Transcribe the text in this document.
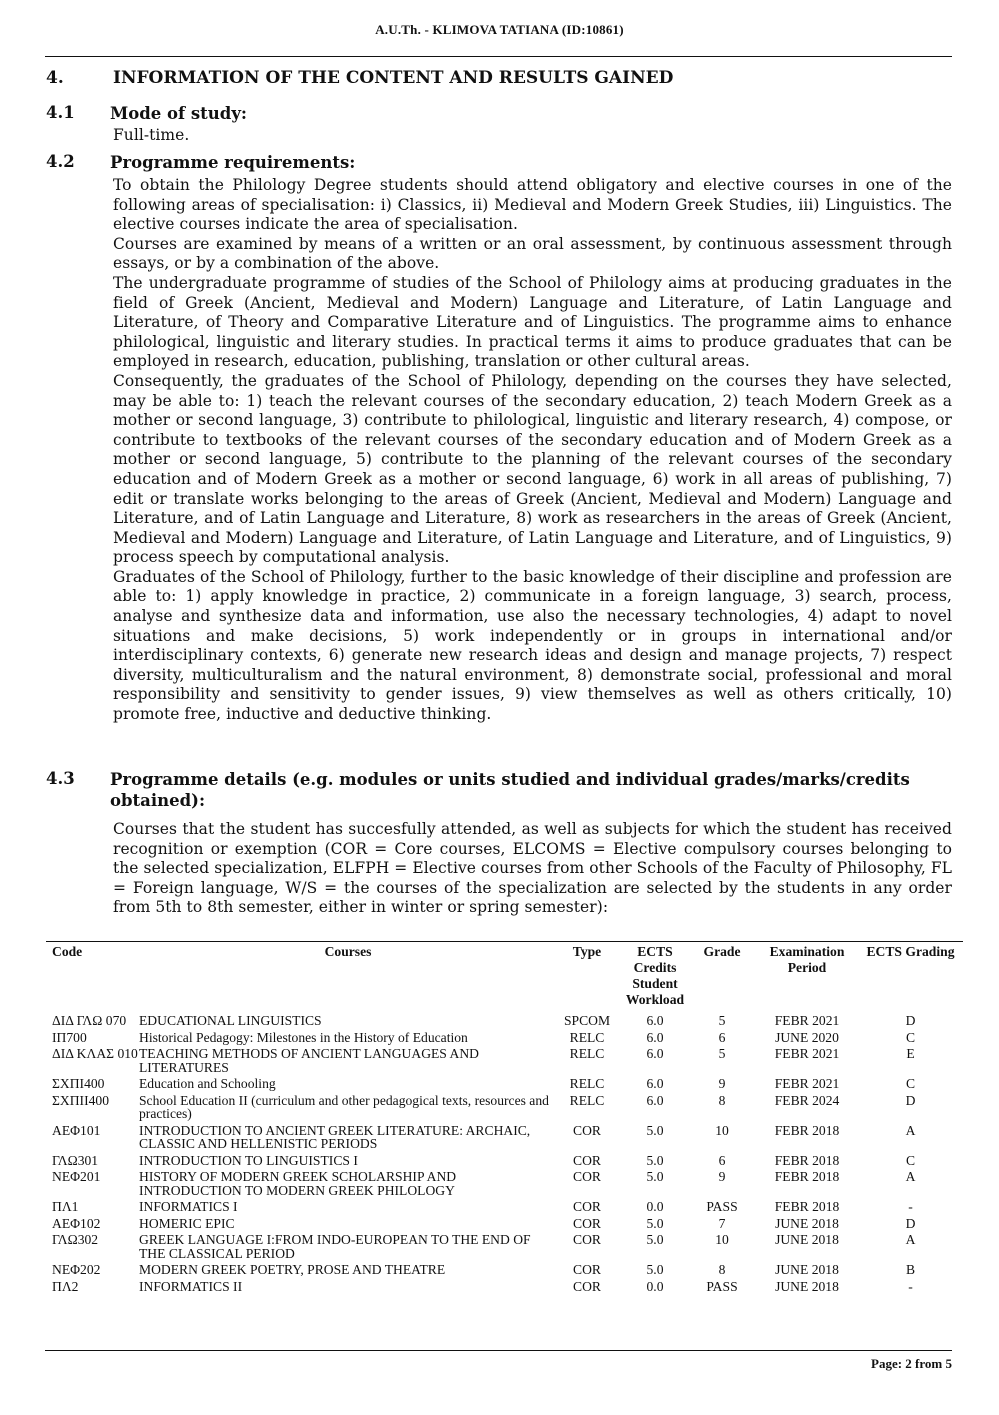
A.U.Th. - KLIMOVA TATIANA (ID:10861)
4.	INFORMATION OF THE CONTENT AND RESULTS GAINED
4.1 Mode of study:

Full-time.

4.2 Programme requirements:

To obtain the Philology Degree students should attend obligatory and elective courses in one of the following areas of specialisation: i) Classics, ii) Medieval and Modern Greek Studies, iii) Linguistics. The elective courses indicate the area of specialisation.

Courses are examined by means of a written or an oral assessment, by continuous assessment through essays, or by a combination of the above.

The undergraduate programme of studies of the School of Philology aims at producing graduates in the field of Greek (Ancient, Medieval and Modern) Language and Literature, of Latin Language and Literature, of Theory and Comparative Literature and of Linguistics. The programme aims to enhance philological, linguistic and literary studies. In practical terms it aims to produce graduates that can be employed in research, education, publishing, translation or other cultural areas.

Consequently, the graduates of the School of Philology, depending on the courses they have selected, may be able to: 1) teach the relevant courses of the secondary education, 2) teach Modern Greek as a mother or second language, 3) contribute to philological, linguistic and literary research, 4) compose, or contribute to textbooks of the relevant courses of the secondary education and of Modern Greek as a mother or second language, 5) contribute to the planning of the relevant courses of the secondary education and of Modern Greek as a mother or second language, 6) work in all areas of publishing, 7) edit or translate works belonging to the areas of Greek (Ancient, Medieval and Modern) Language and Literature, and of Latin Language and Literature, 8) work as researchers in the areas of Greek (Ancient, Medieval and Modern) Language and Literature, of Latin Language and Literature, and of Linguistics, 9) process speech by computational analysis.

Graduates of the School of Philology, further to the basic knowledge of their discipline and profession are able to: 1) apply knowledge in practice, 2) communicate in a foreign language, 3) search, process, analyse and synthesize data and information, use also the necessary technologies, 4) adapt to novel situations and make decisions, 5) work independently or in groups in international and/or interdisciplinary contexts, 6) generate new research ideas and design and manage projects, 7) respect diversity, multiculturalism and the natural environment, 8) demonstrate social, professional and moral responsibility and sensitivity to gender issues, 9) view themselves as well as others critically, 10) promote free, inductive and deductive thinking.

4.3 Programme details (e.g. modules or units studied and individual grades/marks/credits obtained):

Courses that the student has succesfully attended, as well as subjects for which the student has received recognition or exemption (COR = Core courses, ELCOMS = Elective compulsory courses belonging to the selected specialization, ELFPH = Elective courses from other Schools of the Faculty of Philosophy, FL = Foreign language, W/S = the courses of the specialization are selected by the students in any order from 5th to 8th semester, either in winter or spring semester):

Code	Courses	Type	ECTS Credits Student Workload	Grade	Examination Period	ECTS Grading

ΔΙΔ ΓΛΩ 070	EDUCATIONAL LINGUISTICS	SPCOM	6.0	5	FEBR 2021	D
ΙΠ700	Historical Pedagogy: Milestones in the History of Education	RELC	6.0	6	JUNE 2020	C
ΔΙΔ ΚΛΑΣ 010	TEACHING METHODS OF ANCIENT LANGUAGES AND LITERATURES	RELC	6.0	5	FEBR 2021	E
ΣΧΠΙ400	Education and Schooling	RELC	6.0	9	FEBR 2021	C
ΣΧΠΙΙ400	School Education II (curriculum and other pedagogical texts, resources and practices)	RELC	6.0	8	FEBR 2024	D
ΑΕΦ101	INTRODUCTION TO ANCIENT GREEK LITERATURE: ARCHAIC, CLASSIC AND HELLENISTIC PERIODS	COR	5.0	10	FEBR 2018	A
ΓΛΩ301	INTRODUCTION TO LINGUISTICS I	COR	5.0	6	FEBR 2018	C
ΝΕΦ201	HISTORY OF MODERN GREEK SCHOLARSHIP AND INTRODUCTION TO MODERN GREEK PHILOLOGY	COR	5.0	9	FEBR 2018	A
ΠΛ1	INFORMATICS I	COR	0.0	PASS	FEBR 2018	-
ΑΕΦ102	HOMERIC EPIC	COR	5.0	7	JUNE 2018	D
ΓΛΩ302	GREEK LANGUAGE I:FROM INDO-EUROPEAN TO THE END OF THE CLASSICAL PERIOD	COR	5.0	10	JUNE 2018	A
ΝΕΦ202	MODERN GREEK POETRY, PROSE AND THEATRE	COR	5.0	8	JUNE 2018	B
ΠΛ2	INFORMATICS II	COR	0.0	PASS	JUNE 2018	-
Page: 2 from 5
